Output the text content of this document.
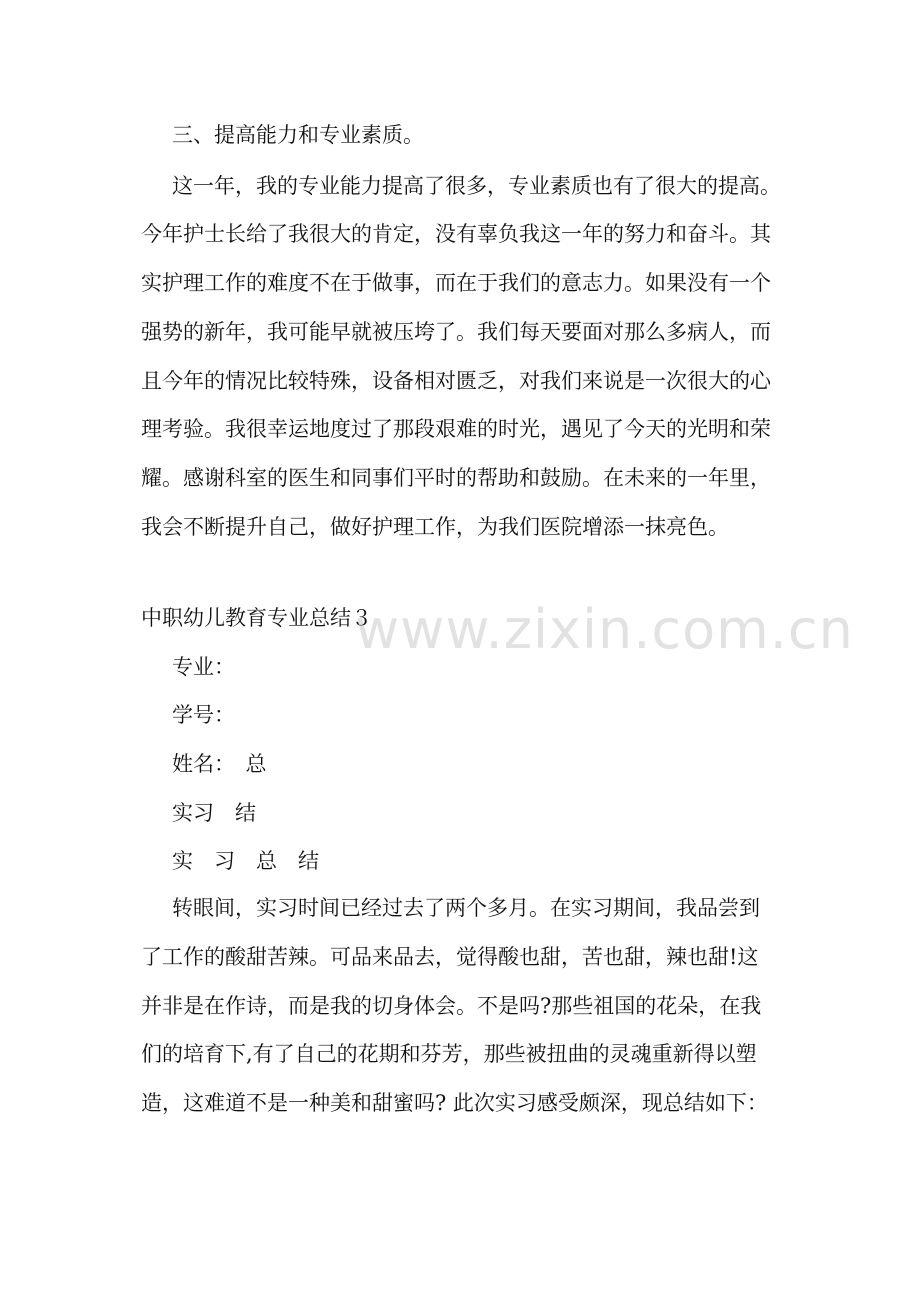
三、提高能力和专业素质。
这一年，我的专业能力提高了很多，专业素质也有了很大的提高。
今年护士长给了我很大的肯定，没有辜负我这一年的努力和奋斗。其
实护理工作的难度不在于做事，而在于我们的意志力。如果没有一个
强势的新年，我可能早就被压垮了。我们每天要面对那么多病人，而
且今年的情况比较特殊，设备相对匮乏，对我们来说是一次很大的心
理考验。我很幸运地度过了那段艰难的时光，遇见了今天的光明和荣
耀。感谢科室的医生和同事们平时的帮助和鼓励。在未来的一年里，
我会不断提升自己，做好护理工作，为我们医院增添一抹亮色。
中职幼儿教育专业总结３
专业：
学号：
姓名：　总
实习　结
实　习　总　结
转眼间，实习时间已经过去了两个多月。在实习期间，我品尝到
了工作的酸甜苦辣。可品来品去，觉得酸也甜，苦也甜，辣也甜!这
并非是在作诗，而是我的切身体会。不是吗?那些祖国的花朵，在我
们的培育下,有了自己的花期和芬芳，那些被扭曲的灵魂重新得以塑
造，这难道不是一种美和甜蜜吗? 此次实习感受颇深，现总结如下：
www.zixin.com.cn
